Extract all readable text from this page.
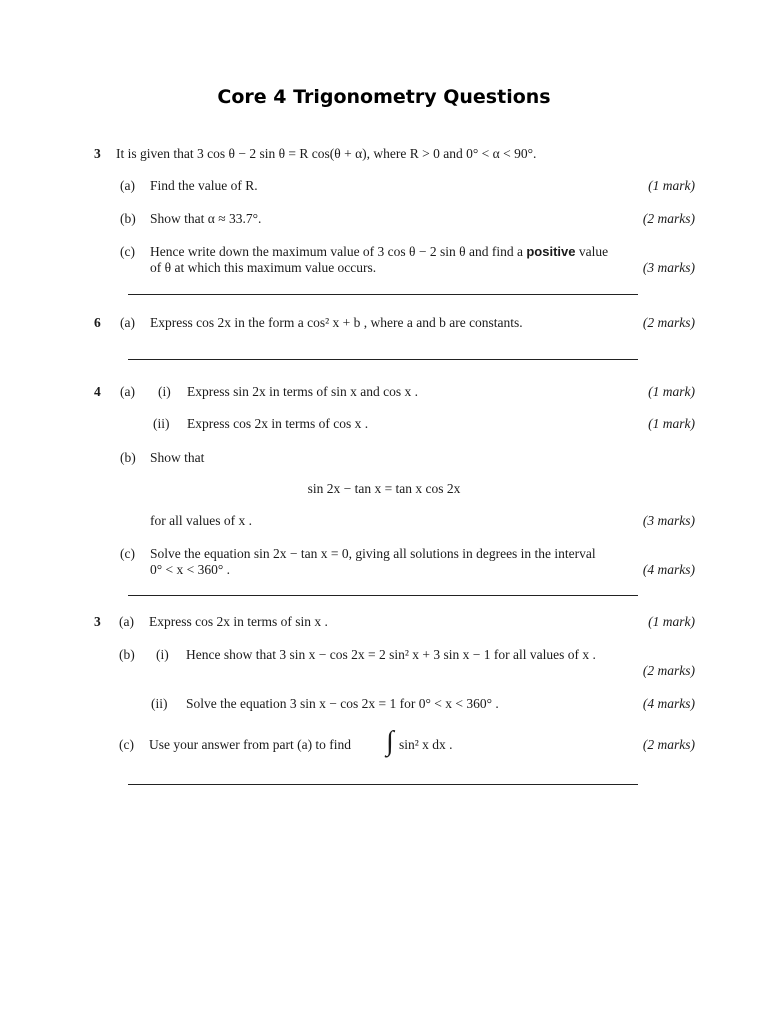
Core 4 Trigonometry Questions
3 It is given that 3 cos θ − 2 sin θ = R cos(θ + α), where R > 0 and 0° < α < 90°.
(a) Find the value of R.	(1 mark)
(b) Show that α ≈ 33.7°.	(2 marks)
(c) Hence write down the maximum value of 3 cos θ − 2 sin θ and find a positive value
of θ at which this maximum value occurs.	(3 marks)
6 (a) Express cos 2x in the form a cos² x + b , where a and b are constants.	(2 marks)
4 (a) (i) Express sin 2x in terms of sin x and cos x .	(1 mark)
(ii) Express cos 2x in terms of cos x .	(1 mark)
(b) Show that
sin 2x − tan x = tan x cos 2x
for all values of x .	(3 marks)
(c) Solve the equation sin 2x − tan x = 0, giving all solutions in degrees in the interval
0° < x < 360° .	(4 marks)
3 (a) Express cos 2x in terms of sin x .	(1 mark)
(b) (i) Hence show that 3 sin x − cos 2x = 2 sin² x + 3 sin x − 1 for all values of x .
(2 marks)
(ii) Solve the equation 3 sin x − cos 2x = 1 for 0° < x < 360° .	(4 marks)
(c) Use your answer from part (a) to find ∫ sin² x dx .	(2 marks)
